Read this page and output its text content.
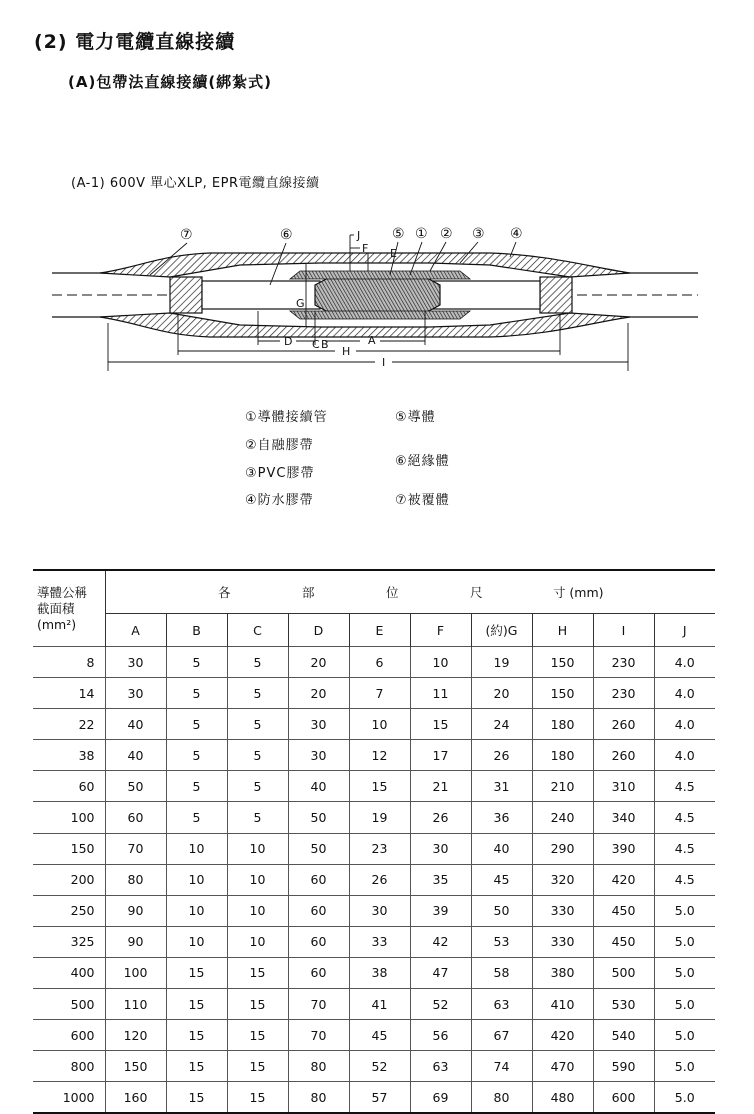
(2) 電力電纜直線接續
(A)包帶法直線接續(綁紮式)
(A-1) 600V 單心XLP, EPR電纜直線接續
⑦	⑥	⑤ ① ② ③ ④
J
F E
G
D C B	A
H
I
①導體接續管
②自融膠帶
③PVC膠帶
④防水膠帶
⑤導體
⑥絕緣體
⑦被覆體
導體公稱
截面積
(mm²)	各 部 位 尺 寸 (mm)									
	A	B	C	D	E	F	(約)G	H	I	J
8	30	5	5	20	6	10	19	150	230	4.0
14	30	5	5	20	7	11	20	150	230	4.0
22	40	5	5	30	10	15	24	180	260	4.0
38	40	5	5	30	12	17	26	180	260	4.0
60	50	5	5	40	15	21	31	210	310	4.5
100	60	5	5	50	19	26	36	240	340	4.5
150	70	10	10	50	23	30	40	290	390	4.5
200	80	10	10	60	26	35	45	320	420	4.5
250	90	10	10	60	30	39	50	330	450	5.0
325	90	10	10	60	33	42	53	330	450	5.0
400	100	15	15	60	38	47	58	380	500	5.0
500	110	15	15	70	41	52	63	410	530	5.0
600	120	15	15	70	45	56	67	420	540	5.0
800	150	15	15	80	52	63	74	470	590	5.0
1000	160	15	15	80	57	69	80	480	600	5.0
